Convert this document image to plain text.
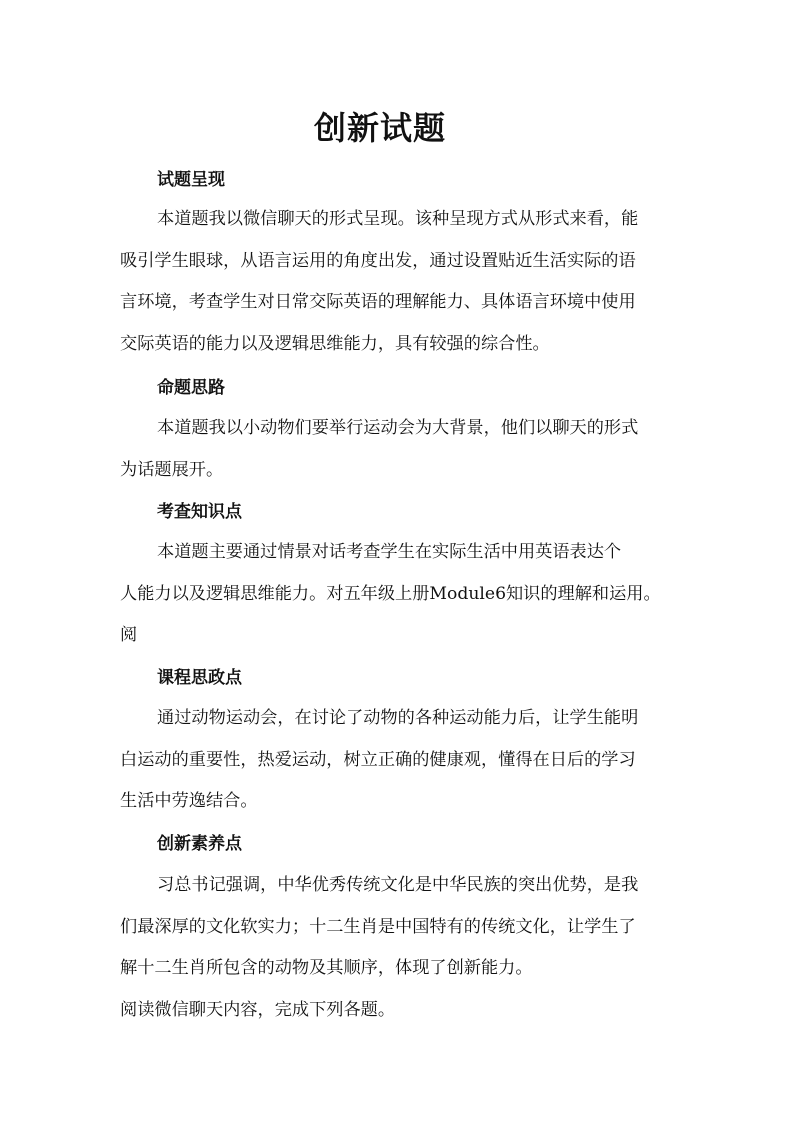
创新试题
试题呈现
本道题我以微信聊天的形式呈现。该种呈现方式从形式来看，能
吸引学生眼球，从语言运用的角度出发，通过设置贴近生活实际的语
言环境，考查学生对日常交际英语的理解能力、具体语言环境中使用
交际英语的能力以及逻辑思维能力，具有较强的综合性。
命题思路
本道题我以小动物们要举行运动会为大背景，他们以聊天的形式
为话题展开。
考查知识点
本道题主要通过情景对话考查学生在实际生活中用英语表达个
人能力以及逻辑思维能力。对五年级上册Module6知识的理解和运用。
阅
课程思政点
通过动物运动会，在讨论了动物的各种运动能力后，让学生能明
白运动的重要性，热爱运动，树立正确的健康观，懂得在日后的学习
生活中劳逸结合。
创新素养点
习总书记强调，中华优秀传统文化是中华民族的突出优势，是我
们最深厚的文化软实力；十二生肖是中国特有的传统文化，让学生了
解十二生肖所包含的动物及其顺序，体现了创新能力。
阅读微信聊天内容，完成下列各题。
